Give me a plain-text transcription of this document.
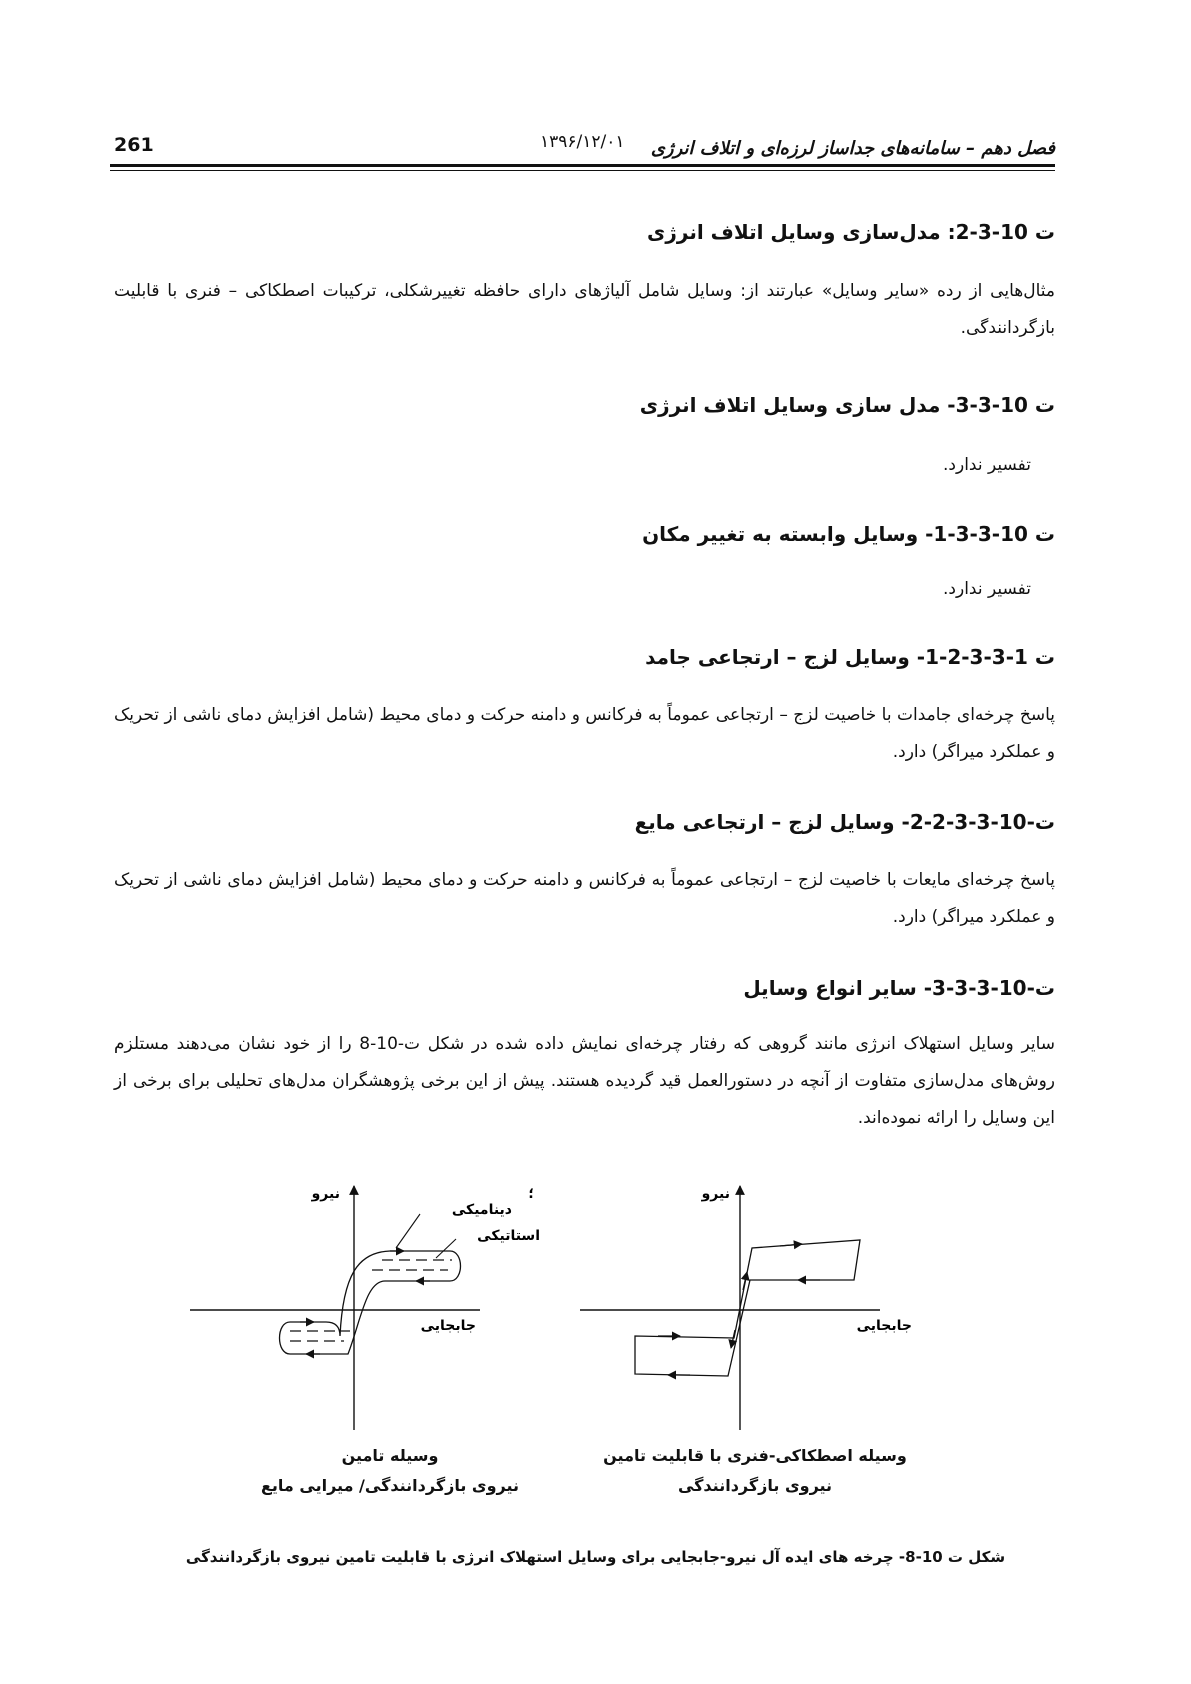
261	۱۳۹۶/۱۲/۰۱ فصل دهم – سامانه‌های جداساز لرزه‌ای و اتلاف انرژی
ت 10-3-2: مدل‌سازی وسایل اتلاف انرژی
مثال‌هایی از رده «سایر وسایل» عبارتند از: وسایل شامل آلیاژهای دارای حافظه تغییرشکلی، ترکیبات اصطکاکی – فنری با قابلیت بازگردانندگی.
ت 10-3-3- مدل سازی وسایل اتلاف انرژی
تفسیر ندارد.
ت 10-3-3-1- وسایل وابسته به تغییر مکان
تفسیر ندارد.
ت 1-3-3-2-1- وسایل لزج – ارتجاعی جامد
پاسخ چرخه‌ای جامدات با خاصیت لزج – ارتجاعی عموماً به فرکانس و دامنه حرکت و دمای محیط (شامل افزایش دمای ناشی از تحریک و عملکرد میراگر) دارد.
ت-10-3-3-2-2- وسایل لزج – ارتجاعی مایع
پاسخ چرخه‌ای مایعات با خاصیت لزج – ارتجاعی عموماً به فرکانس و دامنه حرکت و دمای محیط (شامل افزایش دمای ناشی از تحریک و عملکرد میراگر) دارد.
ت-10-3-3-3- سایر انواع وسایل
سایر وسایل استهلاک انرژی مانند گروهی که رفتار چرخه‌ای نمایش داده شده در شکل ت-10-8 را از خود نشان می‌دهند مستلزم روش‌های مدل‌سازی متفاوت از آنچه در دستورالعمل قید گردیده هستند. پیش از این برخی پژوهشگران مدل‌های تحلیلی برای برخی از این وسایل را ارائه نموده‌اند.
نیرو
جابجایی
دینامیکی
استاتیکی
؛	نیرو
جابجایی
وسیله تامین
نیروی بازگردانندگی/ میرایی مایع
وسیله اصطکاکی-فنری با قابلیت تامین
نیروی بازگردانندگی
شکل ت 10-8- چرخه های ایده آل نیرو-جابجایی برای وسایل استهلاک انرژی با قابلیت تامین نیروی بازگردانندگی
